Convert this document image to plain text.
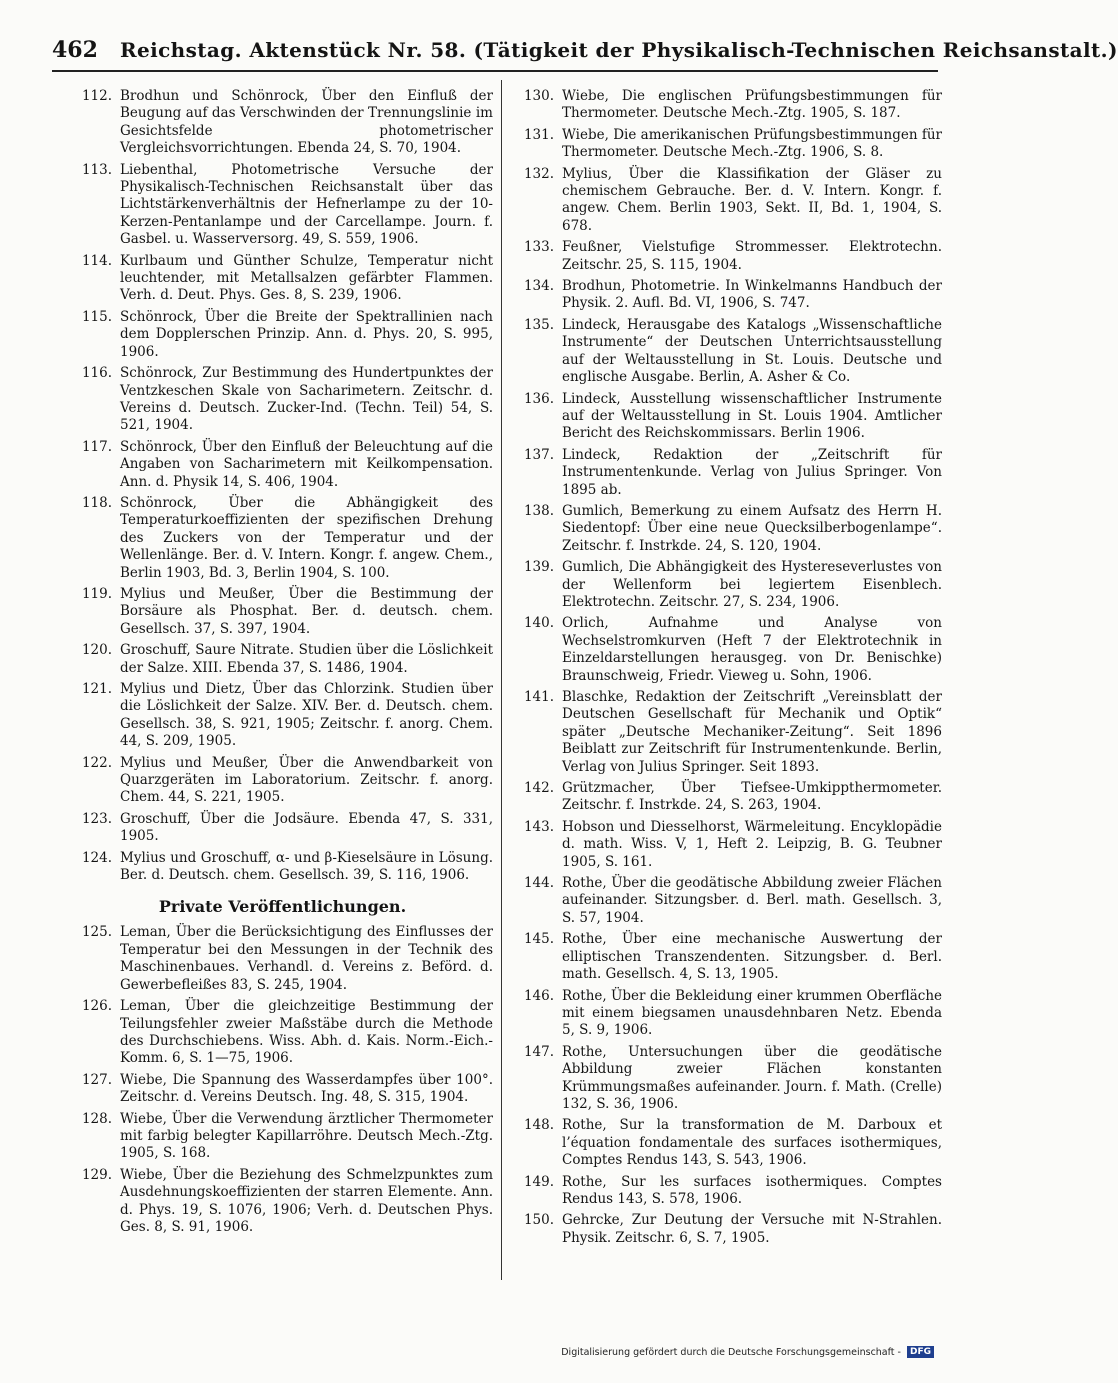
462 Reichstag. Aktenstück Nr. 58. (Tätigkeit der Physikalisch-Technischen Reichsanstalt.)
112. Brodhun und Schönrock, Über den Einfluß der Beugung auf das Verschwinden der Trennungslinie im Gesichtsfelde photometrischer Vergleichsvorrichtungen. Ebenda 24, S. 70, 1904.
113. Liebenthal, Photometrische Versuche der Physikalisch-Technischen Reichsanstalt über das Lichtstärkenverhältnis der Hefnerlampe zu der 10-Kerzen-Pentanlampe und der Carcellampe. Journ. f. Gasbel. u. Wasserversorg. 49, S. 559, 1906.
114. Kurlbaum und Günther Schulze, Temperatur nicht leuchtender, mit Metallsalzen gefärbter Flammen. Verh. d. Deut. Phys. Ges. 8, S. 239, 1906.
115. Schönrock, Über die Breite der Spektrallinien nach dem Dopplerschen Prinzip. Ann. d. Phys. 20, S. 995, 1906.
116. Schönrock, Zur Bestimmung des Hundertpunktes der Ventzkeschen Skale von Sacharimetern. Zeitschr. d. Vereins d. Deutsch. Zucker-Ind. (Techn. Teil) 54, S. 521, 1904.
117. Schönrock, Über den Einfluß der Beleuchtung auf die Angaben von Sacharimetern mit Keilkompensation. Ann. d. Physik 14, S. 406, 1904.
118. Schönrock, Über die Abhängigkeit des Temperaturkoeffizienten der spezifischen Drehung des Zuckers von der Temperatur und der Wellenlänge. Ber. d. V. Intern. Kongr. f. angew. Chem., Berlin 1903, Bd. 3, Berlin 1904, S. 100.
119. Mylius und Meußer, Über die Bestimmung der Borsäure als Phosphat. Ber. d. deutsch. chem. Gesellsch. 37, S. 397, 1904.
120. Groschuff, Saure Nitrate. Studien über die Löslichkeit der Salze. XIII. Ebenda 37, S. 1486, 1904.
121. Mylius und Dietz, Über das Chlorzink. Studien über die Löslichkeit der Salze. XIV. Ber. d. Deutsch. chem. Gesellsch. 38, S. 921, 1905; Zeitschr. f. anorg. Chem. 44, S. 209, 1905.
122. Mylius und Meußer, Über die Anwendbarkeit von Quarzgeräten im Laboratorium. Zeitschr. f. anorg. Chem. 44, S. 221, 1905.
123. Groschuff, Über die Jodsäure. Ebenda 47, S. 331, 1905.
124. Mylius und Groschuff, α- und β-Kieselsäure in Lösung. Ber. d. Deutsch. chem. Gesellsch. 39, S. 116, 1906.
Private Veröffentlichungen.
125. Leman, Über die Berücksichtigung des Einflusses der Temperatur bei den Messungen in der Technik des Maschinenbaues. Verhandl. d. Vereins z. Beförd. d. Gewerbefleißes 83, S. 245, 1904.
126. Leman, Über die gleichzeitige Bestimmung der Teilungsfehler zweier Maßstäbe durch die Methode des Durchschiebens. Wiss. Abh. d. Kais. Norm.-Eich.-Komm. 6, S. 1—75, 1906.
127. Wiebe, Die Spannung des Wasserdampfes über 100°. Zeitschr. d. Vereins Deutsch. Ing. 48, S. 315, 1904.
128. Wiebe, Über die Verwendung ärztlicher Thermometer mit farbig belegter Kapillarröhre. Deutsch Mech.-Ztg. 1905, S. 168.
129. Wiebe, Über die Beziehung des Schmelzpunktes zum Ausdehnungskoeffizienten der starren Elemente. Ann. d. Phys. 19, S. 1076, 1906; Verh. d. Deutschen Phys. Ges. 8, S. 91, 1906.
130. Wiebe, Die englischen Prüfungsbestimmungen für Thermometer. Deutsche Mech.-Ztg. 1905, S. 187.
131. Wiebe, Die amerikanischen Prüfungsbestimmungen für Thermometer. Deutsche Mech.-Ztg. 1906, S. 8.
132. Mylius, Über die Klassifikation der Gläser zu chemischem Gebrauche. Ber. d. V. Intern. Kongr. f. angew. Chem. Berlin 1903, Sekt. II, Bd. 1, 1904, S. 678.
133. Feußner, Vielstufige Strommesser. Elektrotechn. Zeitschr. 25, S. 115, 1904.
134. Brodhun, Photometrie. In Winkelmanns Handbuch der Physik. 2. Aufl. Bd. VI, 1906, S. 747.
135. Lindeck, Herausgabe des Katalogs „Wissenschaftliche Instrumente“ der Deutschen Unterrichtsausstellung auf der Weltausstellung in St. Louis. Deutsche und englische Ausgabe. Berlin, A. Asher & Co.
136. Lindeck, Ausstellung wissenschaftlicher Instrumente auf der Weltausstellung in St. Louis 1904. Amtlicher Bericht des Reichskommissars. Berlin 1906.
137. Lindeck, Redaktion der „Zeitschrift für Instrumentenkunde. Verlag von Julius Springer. Von 1895 ab.
138. Gumlich, Bemerkung zu einem Aufsatz des Herrn H. Siedentopf: Über eine neue Quecksilberbogenlampe“. Zeitschr. f. Instrkde. 24, S. 120, 1904.
139. Gumlich, Die Abhängigkeit des Hystereseverlustes von der Wellenform bei legiertem Eisenblech. Elektrotechn. Zeitschr. 27, S. 234, 1906.
140. Orlich, Aufnahme und Analyse von Wechselstromkurven (Heft 7 der Elektrotechnik in Einzeldarstellungen herausgeg. von Dr. Benischke) Braunschweig, Friedr. Vieweg u. Sohn, 1906.
141. Blaschke, Redaktion der Zeitschrift „Vereinsblatt der Deutschen Gesellschaft für Mechanik und Optik“ später „Deutsche Mechaniker-Zeitung“. Seit 1896 Beiblatt zur Zeitschrift für Instrumentenkunde. Berlin, Verlag von Julius Springer. Seit 1893.
142. Grützmacher, Über Tiefsee-Umkippthermometer. Zeitschr. f. Instrkde. 24, S. 263, 1904.
143. Hobson und Diesselhorst, Wärmeleitung. Encyklopädie d. math. Wiss. V, 1, Heft 2. Leipzig, B. G. Teubner 1905, S. 161.
144. Rothe, Über die geodätische Abbildung zweier Flächen aufeinander. Sitzungsber. d. Berl. math. Gesellsch. 3, S. 57, 1904.
145. Rothe, Über eine mechanische Auswertung der elliptischen Transzendenten. Sitzungsber. d. Berl. math. Gesellsch. 4, S. 13, 1905.
146. Rothe, Über die Bekleidung einer krummen Oberfläche mit einem biegsamen unausdehnbaren Netz. Ebenda 5, S. 9, 1906.
147. Rothe, Untersuchungen über die geodätische Abbildung zweier Flächen konstanten Krümmungsmaßes aufeinander. Journ. f. Math. (Crelle) 132, S. 36, 1906.
148. Rothe, Sur la transformation de M. Darboux et l’équation fondamentale des surfaces isothermiques, Comptes Rendus 143, S. 543, 1906.
149. Rothe, Sur les surfaces isothermiques. Comptes Rendus 143, S. 578, 1906.
150. Gehrcke, Zur Deutung der Versuche mit N-Strahlen. Physik. Zeitschr. 6, S. 7, 1905.
Digitalisierung gefördert durch die Deutsche Forschungsgemeinschaft -	DFG
